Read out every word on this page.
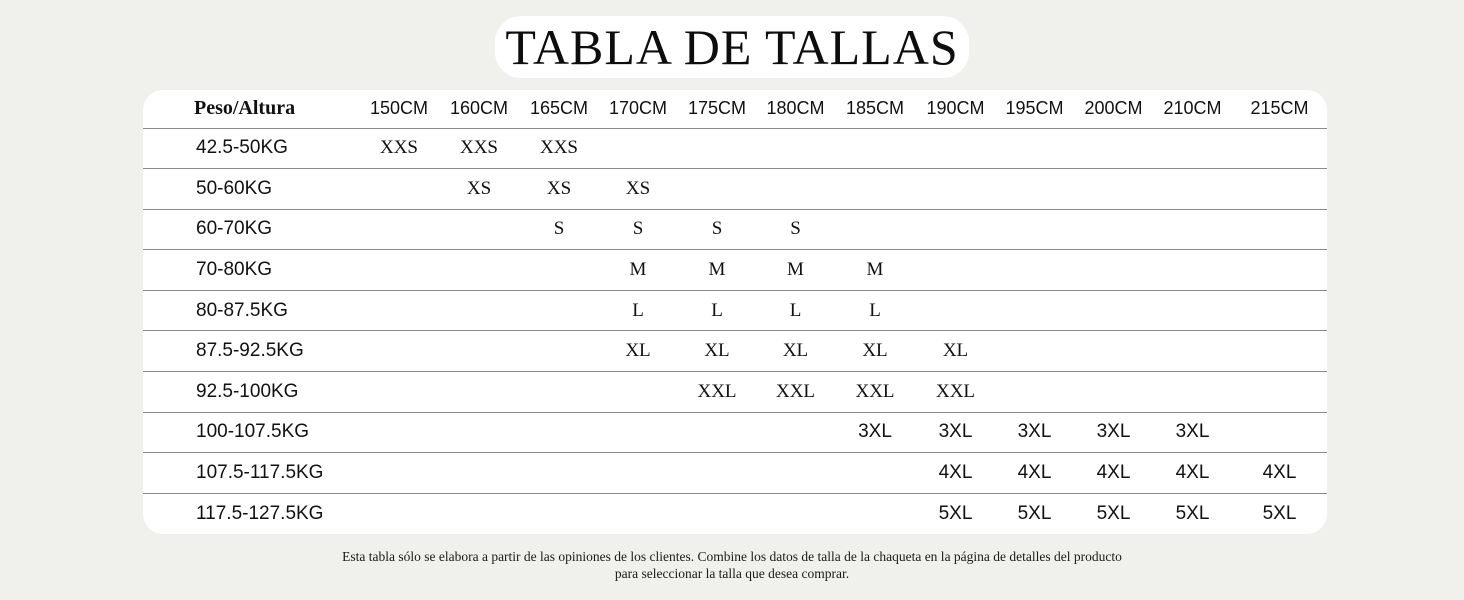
TABLA DE TALLAS
Peso/Altura	150CM	160CM	165CM	170CM	175CM	180CM	185CM	190CM	195CM	200CM	210CM	215CM
42.5-50KG	XXS	XXS	XXS									
50-60KG		XS	XS	XS								
60-70KG			S	S	S	S						
70-80KG				M	M	M	M					
80-87.5KG				L	L	L	L					
87.5-92.5KG				XL	XL	XL	XL	XL				
92.5-100KG					XXL	XXL	XXL	XXL				
100-107.5KG							3XL	3XL	3XL	3XL	3XL	
107.5-117.5KG								4XL	4XL	4XL	4XL	4XL
117.5-127.5KG								5XL	5XL	5XL	5XL	5XL
Esta tabla sólo se elabora a partir de las opiniones de los clientes. Combine los datos de talla de la chaqueta en la página de detalles del producto
para seleccionar la talla que desea comprar.
